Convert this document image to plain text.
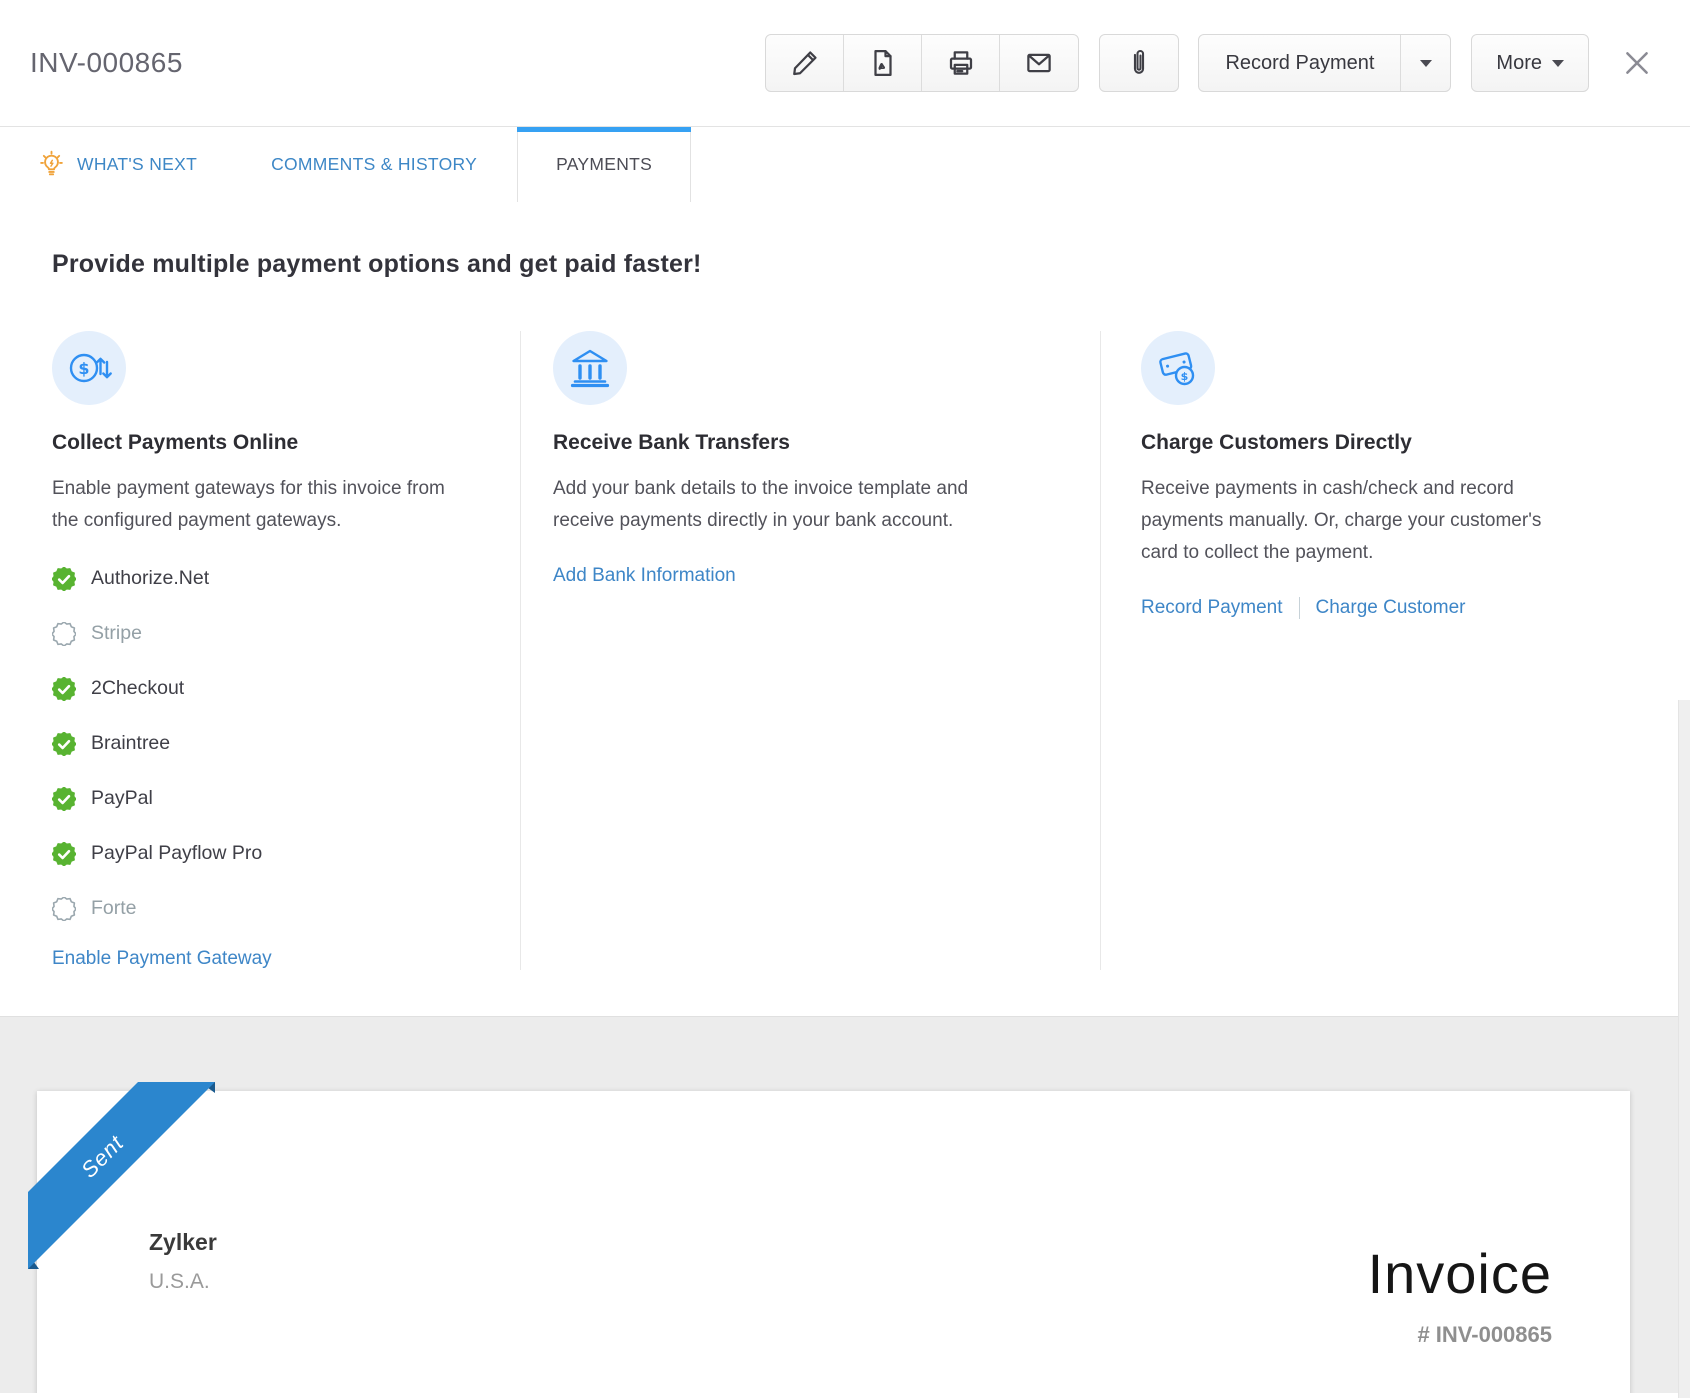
INV-000865	Record Payment	More
WHAT'S NEXT	COMMENTS & HISTORY	PAYMENTS
Provide multiple payment options and get paid faster!
$
Collect Payments Online

Enable payment gateways for this invoice from the configured payment gateways.

Authorize.Net
Stripe
2Checkout
Braintree
PayPal
PayPal Payflow Pro
Forte
Enable Payment Gateway
Receive Bank Transfers

Add your bank details to the invoice template and receive payments directly in your bank account.

Add Bank Information
$
Charge Customers Directly

Receive payments in cash/check and record payments manually. Or, charge your customer's card to collect the payment.

Record Payment Charge Customer
Sent
Zylker
U.S.A.	Invoice
# INV-000865
